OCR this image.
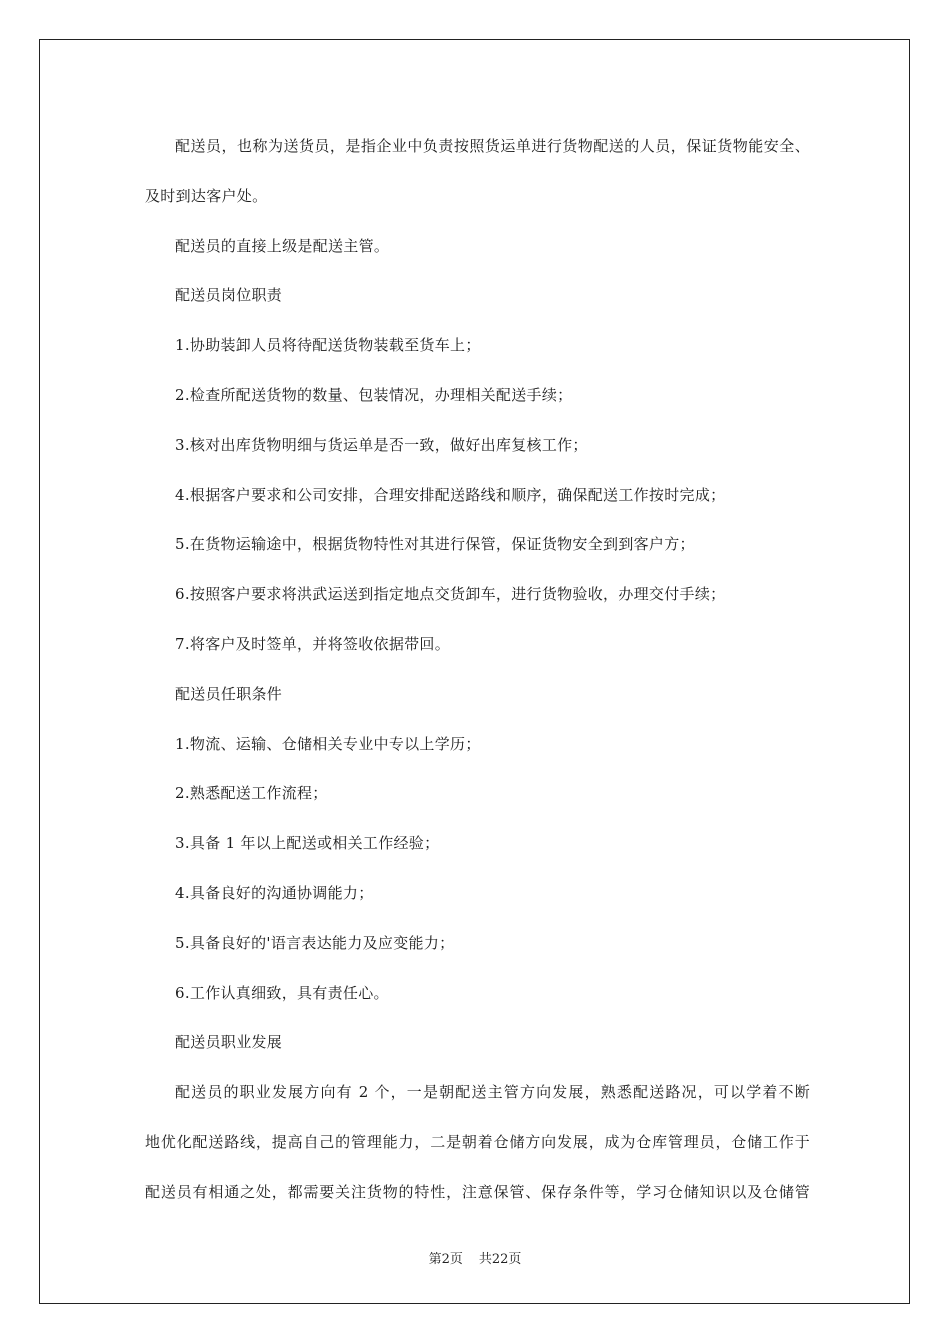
配送员，也称为送货员，是指企业中负责按照货运单进行货物配送的人员，保证货物能安全、
及时到达客户处。
配送员的直接上级是配送主管。
配送员岗位职责
1.协助装卸人员将待配送货物装载至货车上；
2.检查所配送货物的数量、包装情况，办理相关配送手续；
3.核对出库货物明细与货运单是否一致，做好出库复核工作；
4.根据客户要求和公司安排，合理安排配送路线和顺序，确保配送工作按时完成；
5.在货物运输途中，根据货物特性对其进行保管，保证货物安全到到客户方；
6.按照客户要求将洪武运送到指定地点交货卸车，进行货物验收，办理交付手续；
7.将客户及时签单，并将签收依据带回。
配送员任职条件
1.物流、运输、仓储相关专业中专以上学历；
2.熟悉配送工作流程；
3.具备 1 年以上配送或相关工作经验；
4.具备良好的沟通协调能力；
5.具备良好的'语言表达能力及应变能力；
6.工作认真细致，具有责任心。
配送员职业发展
配送员的职业发展方向有 2 个，一是朝配送主管方向发展，熟悉配送路况，可以学着不断
地优化配送路线，提高自己的管理能力，二是朝着仓储方向发展，成为仓库管理员，仓储工作于
配送员有相通之处，都需要关注货物的特性，注意保管、保存条件等，学习仓储知识以及仓储管
第2页 共22页
